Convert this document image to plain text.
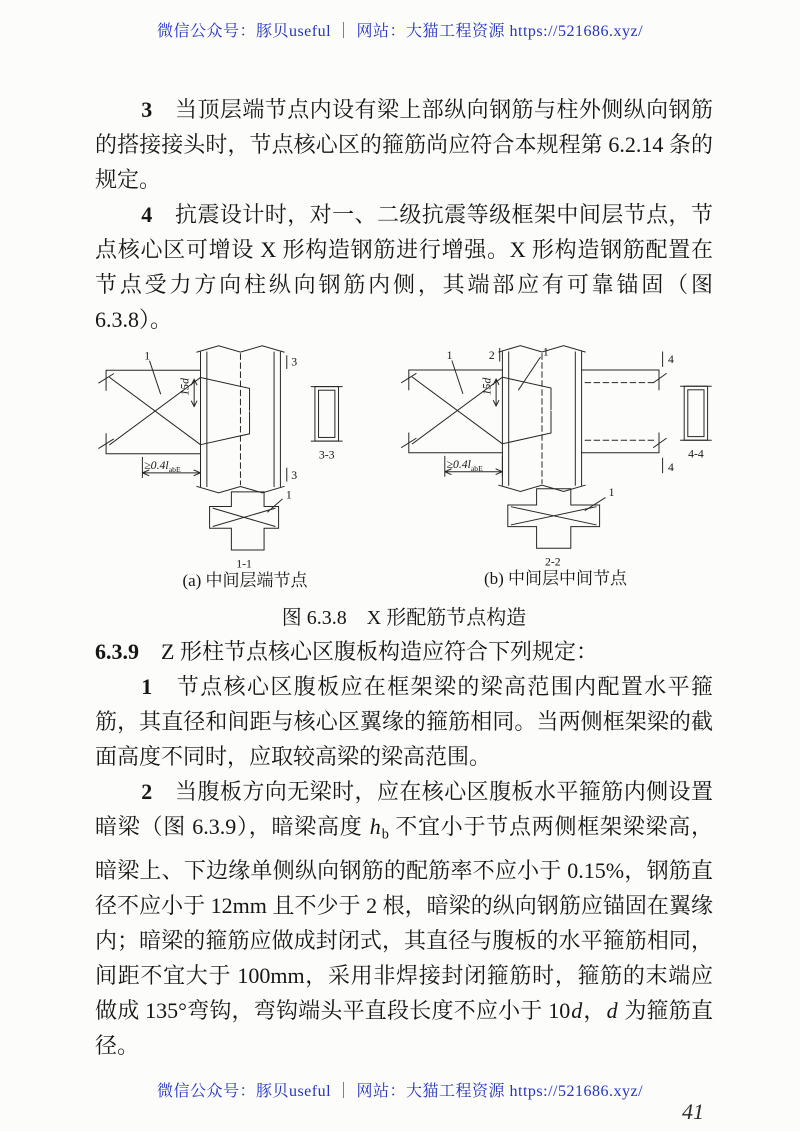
微信公众号：豚贝useful ｜ 网站：大猫工程资源 https://521686.xyz/

3　当顶层端节点内设有梁上部纵向钢筋与柱外侧纵向钢筋的搭接接头时，节点核心区的箍筋尚应符合本规程第 6.2.14 条的规定。

4　抗震设计时，对一、二级抗震等级框架中间层节点，节点核心区可增设 X 形构造钢筋进行增强。X 形构造钢筋配置在节点受力方向柱纵向钢筋内侧，其端部应有可靠锚固（图 6.3.8）。

1	3
3
15d
$\ge 0.4l_{abE}$
3-3
1
1-1
(a) 中间层端节点
1	2	1
4
4
15d
$\ge 0.4l_{abE}$
4-4
1
2-2
(b) 中间层中间节点
图 6.3.8　X 形配筋节点构造

6.3.9　Z 形柱节点核心区腹板构造应符合下列规定：

1　节点核心区腹板应在框架梁的梁高范围内配置水平箍筋，其直径和间距与核心区翼缘的箍筋相同。当两侧框架梁的截面高度不同时，应取较高梁的梁高范围。

2　当腹板方向无梁时，应在核心区腹板水平箍筋内侧设置暗梁（图 6.3.9），暗梁高度 $h_b$ 不宜小于节点两侧框架梁梁高，暗梁上、下边缘单侧纵向钢筋的配筋率不应小于 0.15%，钢筋直径不应小于 12mm 且不少于 2 根，暗梁的纵向钢筋应锚固在翼缘内；暗梁的箍筋应做成封闭式，其直径与腹板的水平箍筋相同，间距不宜大于 100mm，采用非焊接封闭箍筋时，箍筋的末端应做成 135°弯钩，弯钩端头平直段长度不应小于 10d，d 为箍筋直径。

微信公众号：豚贝useful ｜ 网站：大猫工程资源 https://521686.xyz/
41
